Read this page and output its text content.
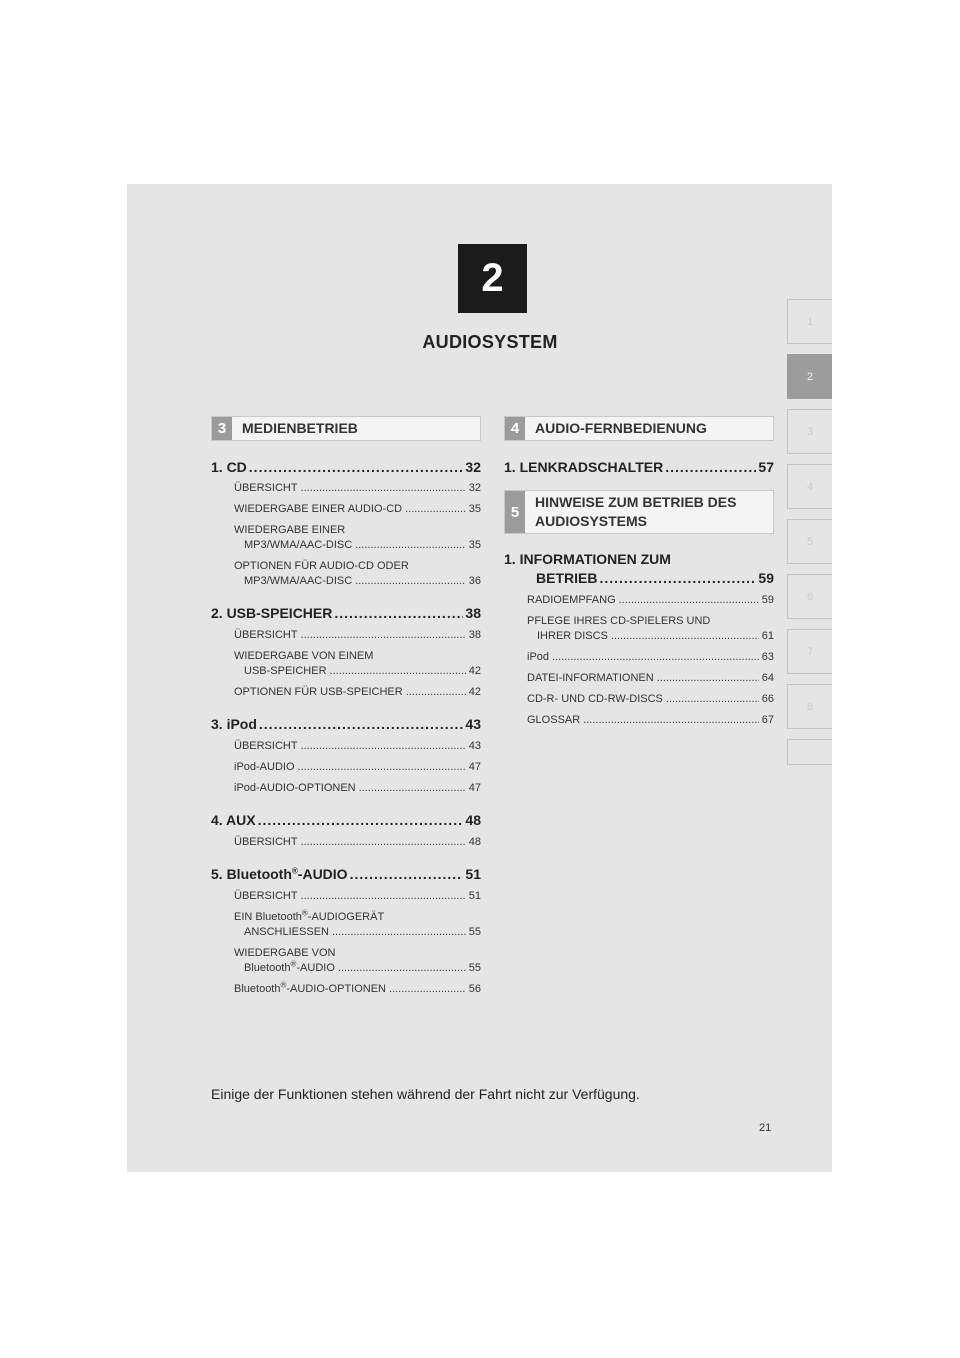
2
AUDIOSYSTEM
1
2
3
4
5
6
7
8
3	MEDIENBETRIEB	4	AUDIO-FERNBEDIENUNG
5
HINWEISE ZUM BETRIEB DES
AUDIOSYSTEMS
1. CD .....	32
ÜBERSICHT .....	32
WIEDERGABE EINER AUDIO-CD .....	35
WIEDERGABE EINER
MP3/WMA/AAC-DISC .....	35
OPTIONEN FÜR AUDIO-CD ODER
MP3/WMA/AAC-DISC .....	36
2. USB-SPEICHER .....	38
ÜBERSICHT .....	38
WIEDERGABE VON EINEM
USB-SPEICHER .....	42
OPTIONEN FÜR USB-SPEICHER .....	42
3. iPod .....	43
ÜBERSICHT .....	43
iPod-AUDIO .....	47
iPod-AUDIO-OPTIONEN .....	47
4. AUX .....	48
ÜBERSICHT .....	48
5. Bluetooth®-AUDIO .....	51
ÜBERSICHT .....	51
EIN Bluetooth®-AUDIOGERÄT
ANSCHLIESSEN .....	55
WIEDERGABE VON
Bluetooth®-AUDIO .....	55
Bluetooth®-AUDIO-OPTIONEN .....	56
1. LENKRADSCHALTER .....	57
1. INFORMATIONEN ZUM
BETRIEB .....	59
RADIOEMPFANG .....	59
PFLEGE IHRES CD-SPIELERS UND
IHRER DISCS .....	61
iPod .....	63
DATEI-INFORMATIONEN .....	64
CD-R- UND CD-RW-DISCS .....	66
GLOSSAR .....	67
Einige der Funktionen stehen während der Fahrt nicht zur Verfügung.
21
